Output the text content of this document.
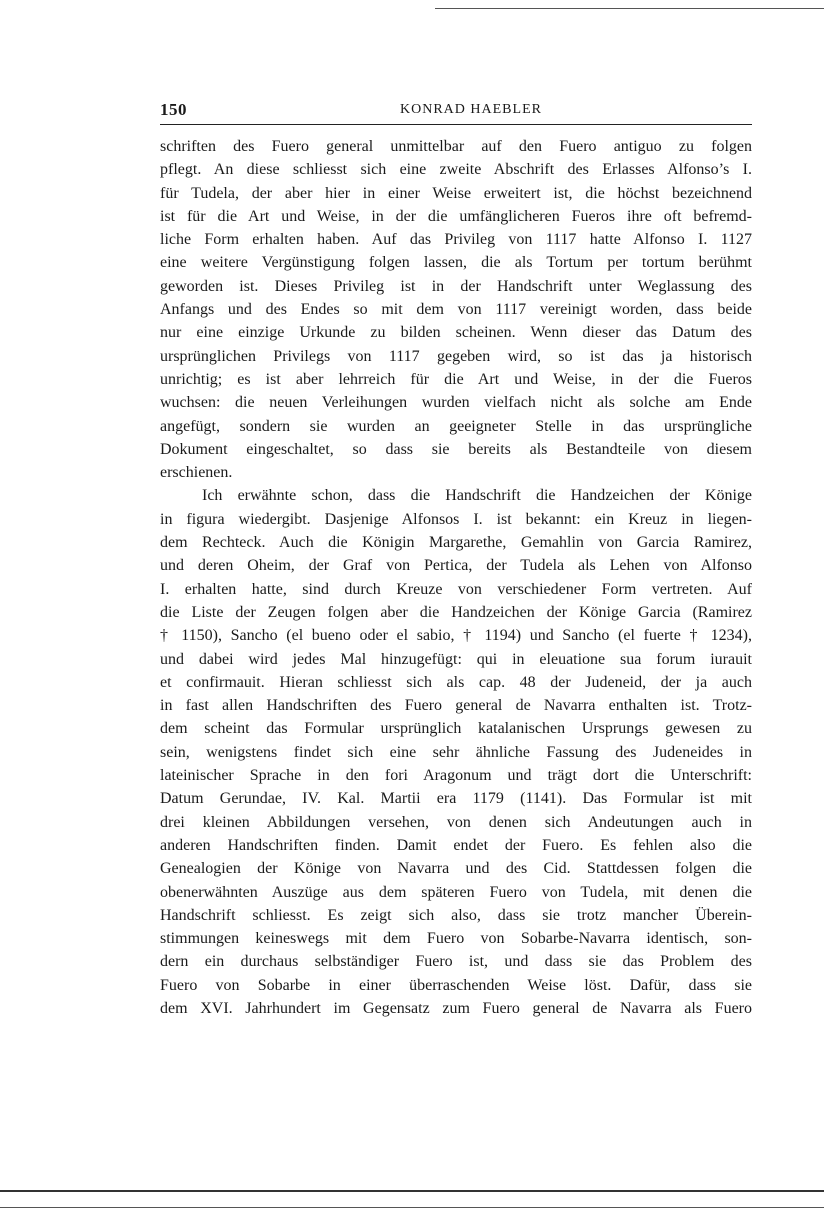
150	KONRAD HAEBLER
schriften des Fuero general unmittelbar auf den Fuero antiguo zu folgen
pflegt. An diese schliesst sich eine zweite Abschrift des Erlasses Alfonso’s I.
für Tudela, der aber hier in einer Weise erweitert ist, die höchst bezeichnend
ist für die Art und Weise, in der die umfänglicheren Fueros ihre oft befremd-
liche Form erhalten haben. Auf das Privileg von 1117 hatte Alfonso I. 1127
eine weitere Vergünstigung folgen lassen, die als Tortum per tortum berühmt
geworden ist. Dieses Privileg ist in der Handschrift unter Weglassung des
Anfangs und des Endes so mit dem von 1117 vereinigt worden, dass beide
nur eine einzige Urkunde zu bilden scheinen. Wenn dieser das Datum des
ursprünglichen Privilegs von 1117 gegeben wird, so ist das ja historisch
unrichtig; es ist aber lehrreich für die Art und Weise, in der die Fueros
wuchsen: die neuen Verleihungen wurden vielfach nicht als solche am Ende
angefügt, sondern sie wurden an geeigneter Stelle in das ursprüngliche
Dokument eingeschaltet, so dass sie bereits als Bestandteile von diesem
erschienen.
Ich erwähnte schon, dass die Handschrift die Handzeichen der Könige
in figura wiedergibt. Dasjenige Alfonsos I. ist bekannt: ein Kreuz in liegen-
dem Rechteck. Auch die Königin Margarethe, Gemahlin von Garcia Ramirez,
und deren Oheim, der Graf von Pertica, der Tudela als Lehen von Alfonso
I. erhalten hatte, sind durch Kreuze von verschiedener Form vertreten. Auf
die Liste der Zeugen folgen aber die Handzeichen der Könige Garcia (Ramirez
† 1150), Sancho (el bueno oder el sabio, † 1194) und Sancho (el fuerte † 1234),
und dabei wird jedes Mal hinzugefügt: qui in eleuatione sua forum iurauit
et confirmauit. Hieran schliesst sich als cap. 48 der Judeneid, der ja auch
in fast allen Handschriften des Fuero general de Navarra enthalten ist. Trotz-
dem scheint das Formular ursprünglich katalanischen Ursprungs gewesen zu
sein, wenigstens findet sich eine sehr ähnliche Fassung des Judeneides in
lateinischer Sprache in den fori Aragonum und trägt dort die Unterschrift:
Datum Gerundae, IV. Kal. Martii era 1179 (1141). Das Formular ist mit
drei kleinen Abbildungen versehen, von denen sich Andeutungen auch in
anderen Handschriften finden. Damit endet der Fuero. Es fehlen also die
Genealogien der Könige von Navarra und des Cid. Stattdessen folgen die
obenerwähnten Auszüge aus dem späteren Fuero von Tudela, mit denen die
Handschrift schliesst. Es zeigt sich also, dass sie trotz mancher Überein-
stimmungen keineswegs mit dem Fuero von Sobarbe-Navarra identisch, son-
dern ein durchaus selbständiger Fuero ist, und dass sie das Problem des
Fuero von Sobarbe in einer überraschenden Weise löst. Dafür, dass sie
dem XVI. Jahrhundert im Gegensatz zum Fuero general de Navarra als Fuero
